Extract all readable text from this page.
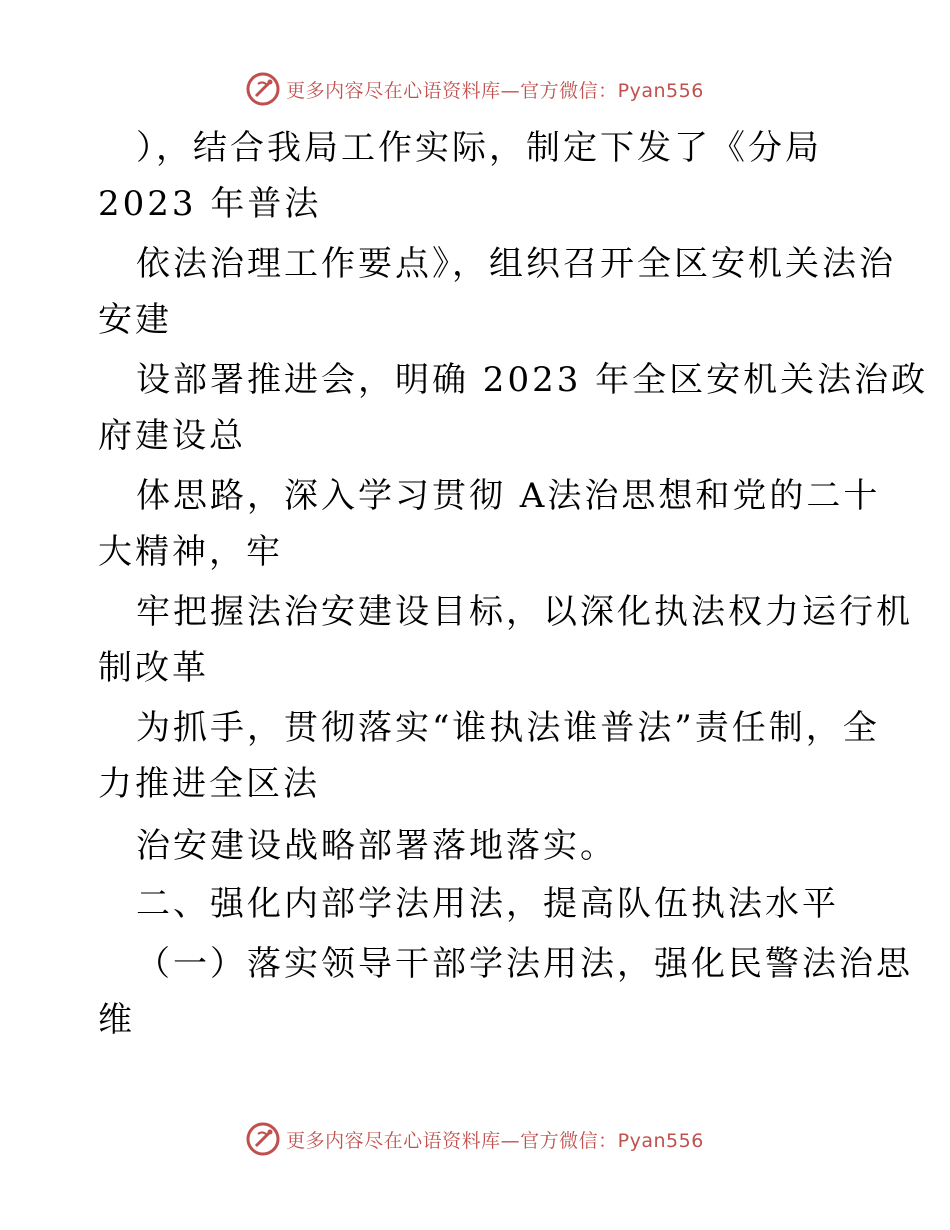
更多内容尽在心语资料库—官方微信：Pyan556
），结合我局工作实际，制定下发了《分局
2023 年普法
依法治理工作要点》，组织召开全区安机关法治
安建
设部署推进会，明确 2023 年全区安机关法治政
府建设总
体思路，深入学习贯彻 A法治思想和党的二十
大精神，牢
牢把握法治安建设目标，以深化执法权力运行机
制改革
为抓手，贯彻落实“谁执法谁普法”责任制，全
力推进全区法
治安建设战略部署落地落实。
二、强化内部学法用法，提高队伍执法水平
（一）落实领导干部学法用法，强化民警法治思
维
更多内容尽在心语资料库—官方微信：Pyan556
